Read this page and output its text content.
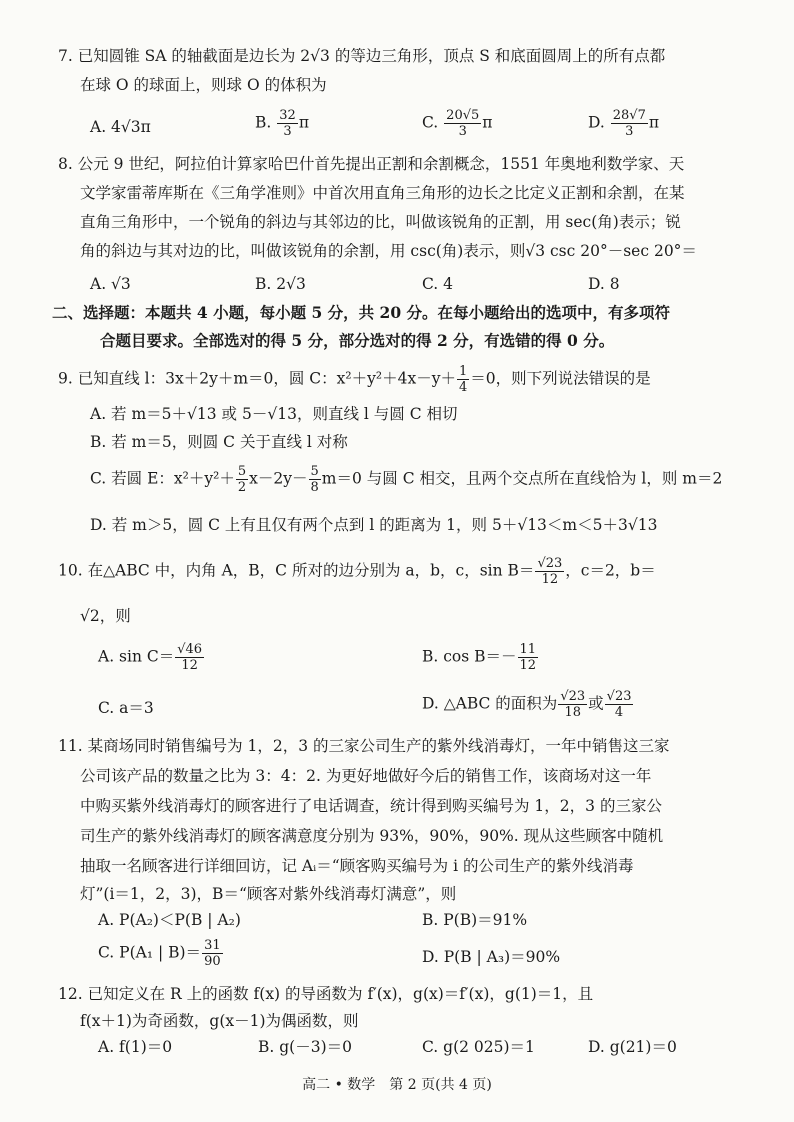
7. 已知圆锥 SA 的轴截面是边长为 2√3 的等边三角形，顶点 S 和底面圆周上的所有点都
在球 O 的球面上，则球 O 的体积为
A. 4√3π	B. $\frac{32}{3}$ π	C. $\frac{20√5}{3}$ π	D. $\frac{28√7}{3}$ π
8. 公元 9 世纪，阿拉伯计算家哈巴什首先提出正割和余割概念，1551 年奥地利数学家、天
文学家雷蒂库斯在《三角学准则》中首次用直角三角形的边长之比定义正割和余割，在某
直角三角形中，一个锐角的斜边与其邻边的比，叫做该锐角的正割，用 sec(角)表示；锐
角的斜边与其对边的比，叫做该锐角的余割，用 csc(角)表示，则√3 csc 20°－sec 20°＝
A. √3	B. 2√3	C. 4	D. 8
二、选择题：本题共 4 小题，每小题 5 分，共 20 分。在每小题给出的选项中，有多项符
合题目要求。全部选对的得 5 分，部分选对的得 2 分，有选错的得 0 分。
9. 已知直线 l：3x＋2y＋m＝0，圆 C：$x^2+y^2+4x-y+ \frac{1}{4} =0$，则下列说法错误的是
A. 若 m＝5＋√13 或 5－√13，则直线 l 与圆 C 相切
B. 若 m＝5，则圆 C 关于直线 l 对称
C. 若圆 E：$x^2+y^2+ \frac{5}{2} x-2y- \frac{5}{8} m=0$ 与圆 C 相交，且两个交点所在直线恰为 l，则 m＝2
D. 若 m＞5，圆 C 上有且仅有两个点到 l 的距离为 1，则 5＋√13＜m＜5＋3√13
10. 在△ABC 中，内角 A，B，C 所对的边分别为 a，b，c，$\sin B= \frac{√23}{12}$ ，c＝2，b＝
√2，则
A. $\sin C= \frac{√46}{12}$	B. $\cos B=- \frac{11}{12}$
C. a＝3	D. △ABC 的面积为 $\frac{√23}{18}$ 或 $\frac{√23}{4}$
11. 某商场同时销售编号为 1，2，3 的三家公司生产的紫外线消毒灯，一年中销售这三家
公司该产品的数量之比为 3：4：2. 为更好地做好今后的销售工作，该商场对这一年
中购买紫外线消毒灯的顾客进行了电话调查，统计得到购买编号为 1，2，3 的三家公
司生产的紫外线消毒灯的顾客满意度分别为 93%，90%，90%. 现从这些顾客中随机
抽取一名顾客进行详细回访，记 Aᵢ＝“顾客购买编号为 i 的公司生产的紫外线消毒
灯”(i＝1，2，3)，B＝“顾客对紫外线消毒灯满意”，则
A. P(A₂)＜P(B | A₂)	B. P(B)＝91%
C. P(A₁ | $B)= \frac{31}{90}$	D. P(B | A₃)＝90%
12. 已知定义在 R 上的函数 f(x) 的导函数为 f′(x)，g(x)＝f′(x)，g(1)＝1，且
f(x＋1)为奇函数，g(x－1)为偶函数，则
A. f(1)＝0	B. g(－3)＝0	C. g(2 025)＝1	D. g(21)＝0
高二 • 数学　第 2 页(共 4 页)
